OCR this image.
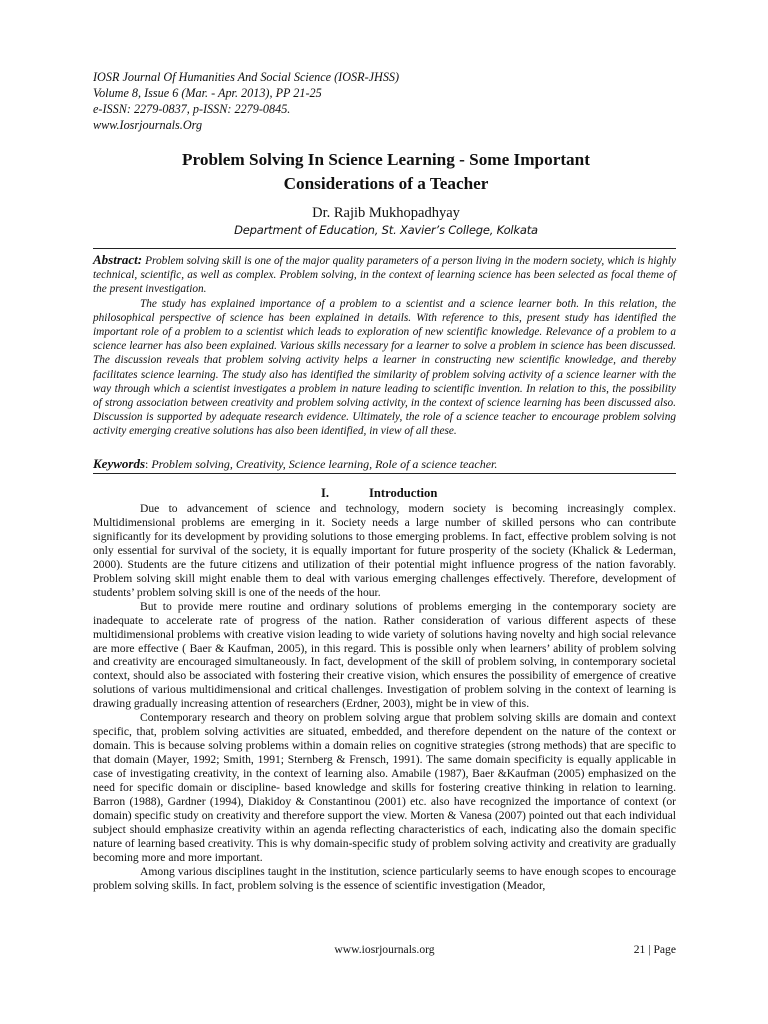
IOSR Journal Of Humanities And Social Science (IOSR-JHSS)
Volume 8, Issue 6 (Mar. - Apr. 2013), PP 21-25
e-ISSN: 2279-0837, p-ISSN: 2279-0845.
www.Iosrjournals.Org
Problem Solving In Science Learning - Some Important
Considerations of a Teacher
Dr. Rajib Mukhopadhyay
Department of Education, St. Xavier’s College, Kolkata

Abstract: Problem solving skill is one of the major quality parameters of a person living in the modern society, which is highly technical, scientific, as well as complex. Problem solving, in the context of learning science has been selected as focal theme of the present investigation.

The study has explained importance of a problem to a scientist and a science learner both. In this relation, the philosophical perspective of science has been explained in details. With reference to this, present study has identified the important role of a problem to a scientist which leads to exploration of new scientific knowledge. Relevance of a problem to a science learner has also been explained. Various skills necessary for a learner to solve a problem in science has been discussed. The discussion reveals that problem solving activity helps a learner in constructing new scientific knowledge, and thereby facilitates science learning. The study also has identified the similarity of problem solving activity of a science learner with the way through which a scientist investigates a problem in nature leading to scientific invention. In relation to this, the possibility of strong association between creativity and problem solving activity, in the context of science learning has been discussed also. Discussion is supported by adequate research evidence. Ultimately, the role of a science teacher to encourage problem solving activity emerging creative solutions has also been identified, in view of all these.

Keywords: Problem solving, Creativity, Science learning, Role of a science teacher.
I.	Introduction

Due to advancement of science and technology, modern society is becoming increasingly complex. Multidimensional problems are emerging in it. Society needs a large number of skilled persons who can contribute significantly for its development by providing solutions to those emerging problems. In fact, effective problem solving is not only essential for survival of the society, it is equally important for future prosperity of the society (Khalick & Lederman, 2000). Students are the future citizens and utilization of their potential might influence progress of the nation favorably. Problem solving skill might enable them to deal with various emerging challenges effectively. Therefore, development of students’ problem solving skill is one of the needs of the hour.

But to provide mere routine and ordinary solutions of problems emerging in the contemporary society are inadequate to accelerate rate of progress of the nation. Rather consideration of various different aspects of these multidimensional problems with creative vision leading to wide variety of solutions having novelty and high social relevance are more effective ( Baer & Kaufman, 2005), in this regard. This is possible only when learners’ ability of problem solving and creativity are encouraged simultaneously. In fact, development of the skill of problem solving, in contemporary societal context, should also be associated with fostering their creative vision, which ensures the possibility of emergence of creative solutions of various multidimensional and critical challenges. Investigation of problem solving in the context of learning is drawing gradually increasing attention of researchers (Erdner, 2003), might be in view of this.

Contemporary research and theory on problem solving argue that problem solving skills are domain and context specific, that, problem solving activities are situated, embedded, and therefore dependent on the nature of the context or domain. This is because solving problems within a domain relies on cognitive strategies (strong methods) that are specific to that domain (Mayer, 1992; Smith, 1991; Sternberg & Frensch, 1991). The same domain specificity is equally applicable in case of investigating creativity, in the context of learning also. Amabile (1987), Baer &Kaufman (2005) emphasized on the need for specific domain or discipline- based knowledge and skills for fostering creative thinking in relation to learning. Barron (1988), Gardner (1994), Diakidoy & Constantinou (2001) etc. also have recognized the importance of context (or domain) specific study on creativity and therefore support the view. Morten & Vanesa (2007) pointed out that each individual subject should emphasize creativity within an agenda reflecting characteristics of each, indicating also the domain specific nature of learning based creativity. This is why domain-specific study of problem solving activity and creativity are gradually becoming more and more important.

Among various disciplines taught in the institution, science particularly seems to have enough scopes to encourage problem solving skills. In fact, problem solving is the essence of scientific investigation (Meador,

www.iosrjournals.org	21 | Page
